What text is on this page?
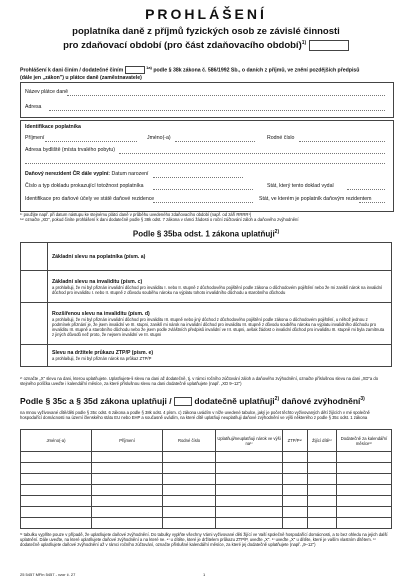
PROHLÁŠENÍ
poplatníka daně z příjmů fyzických osob ze závislé činnosti
pro zdaňovací období (pro část zdaňovacího období)$^{1)}$
Prohlášení k dani činím / dodatečné činím  $^{1a)}$ podle § 38k zákona č. 586/1992 Sb., o daních z příjmů, ve znění pozdějších předpisů
(dále jen „zákon") u plátce daně (zaměstnavatele)
Název plátce daně
Adresa
Identifikace poplatníka
Příjmení	Jméno(-a)	Rodné číslo
Adresa bydliště (místa trvalého pobytu)
Daňový nerezident ČR dále vyplní: Datum narození
Číslo a typ dokladu prokazující totožnost poplatníka	Stát, který tento doklad vydal
Identifikace pro daňové účely ve státě daňové rezidence	Stát, ve kterém je poplatník daňovým rezidentem
¹⁾ použijte např. při datum nástupu ke stejnému plátci daně v průběhu uvedeného zdaňovacího období (např. od září RRRR¹)
¹ᵃ⁾ označte „XD", pokud činíte prohlášení k dani dodatečně podle § 38k odst. 7 zákona v rámci žádosti o roční zúčtování záloh a daňového zvýhodnění
Podle § 35ba odst. 1 zákona uplatňuji$^{2)}$
	Základní slevu na poplatníka (písm. a)

	Základní slevu na invaliditu (písm. c)
a prohlašuji, že mi byl přiznán invalidní důchod pro invaliditu I. nebo II. stupně z důchodového pojištění podle zákona o důchodovém pojištění nebo že mi zaniklí nárok na invalidní důchod pro invaliditu I. nebo II. stupně z důvodu souběhu nároku na výplatu tohoto invalidního důchodu a starobního důchodu

	Rozšířenou slevu na invaliditu (písm. d)
a prohlašuji, že mi byl přiznán invalidní důchod pro invaliditu III. stupně nebo jiný důchod z důchodového pojištění podle zákona o důchodovém pojištění, u něhož jednou z podmínek přiznání je, že jsem invalidní ve III. stupni, zaniklí mi nárok na invalidní důchod pro invaliditu III. stupně z důvodu souběhu nároku na výplatu invalidního důchodu pro invaliditu III. stupně a starobního důchodu nebo že jsem podle zvláštních předpisů invalidní ve III. stupni, avšak žádost o invalidní důchod pro invaliditu III. stupně mi byla zamítnuta z jiných důvodů než proto, že nejsem invalidní ve III. stupni

	Slevu na držitele průkazu ZTP/P (písm. e)
a prohlašuji, že mi byl přiznán nárok na průkaz ZTP/P
²⁾ označte „X" slevu na dani, kterou uplatňujete. Uplatňujete-li slevu na dani až dodatečně, tj. v rámci ročního zúčtování záloh a daňového zvýhodnění, označte příslušnou slevu na dani „XD"a do stejného políčka uveďte i kalendářní měsíce, za které příslušnou slevu na dani dodatečně uplatňujete (např. „XD 9–12")
Podle § 35c a § 35d zákona uplatňuji /	dodatečně uplatňuji$^{2)}$ daňové zvýhodnění$^{3)}$
na mnou vyživované dítě/děti podle § 35c odst. 6 zákona a podle § 38k odst. 4 písm. c) zákona uvádím v níže uvedené tabulce, jaký je počet těchto vyživovaných dětí žijících v mé společně hospodařící domácnosti na území členského státu EU nebo EHP a současně uvádím, na které dítě uplatňuji neuplatňuji daňové zvýhodnění ve výši některého z podle § 35c odst. 1 zákona
Jméno(-a)	Příjmení	Rodné číslo	Uplatňuji/neuplatňuji nárok ve výši na¹⁾	ZTP/P⁴⁾	Žijící dítě⁵⁾	Dodatečně za kalendářní měsíce⁶⁾

³⁾ tabulku vyplňte pouze v případě, že uplatňujete daňové zvýhodnění. Do tabulky vyplňte všechny Vámi vyživované děti žijící ve Vaší společně hospodařící domácnosti, a to bez ohledu na jejich další uplatnění. Dále uveďte, na které uplatňujete daňové zvýhodnění a na které ne. ⁴⁾ u dítěte, které je držitelem průkazu ZTP/P, uveďte „X". ⁵⁾ uveďte „X" u dítěte, které je vaším vlastním dítětem. ⁶⁾ dodatečně uplatňujete daňové zvýhodnění až v rámci ročního zúčtování, označte příslušné kalendářní měsíce, za které jej dodatečně uplatňujete (např. „9–12")
25 5457 MFin 5457 - vzor č. 27	1
